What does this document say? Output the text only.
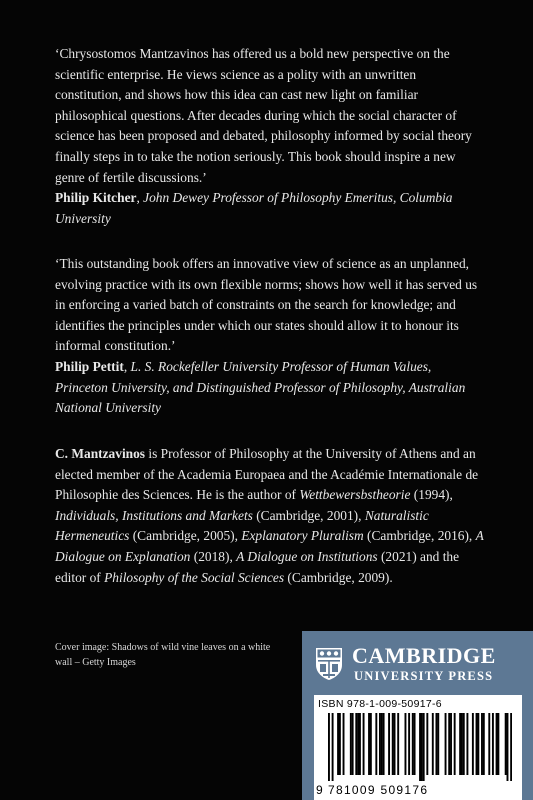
‘Chrysostomos Mantzavinos has offered us a bold new perspective on the scientific enterprise. He views science as a polity with an unwritten constitution, and shows how this idea can cast new light on familiar philosophical questions. After decades during which the social character of science has been proposed and debated, philosophy informed by social theory finally steps in to take the notion seriously. This book should inspire a new genre of fertile discussions.’

Philip Kitcher, John Dewey Professor of Philosophy Emeritus, Columbia University

‘This outstanding book offers an innovative view of science as an unplanned, evolving practice with its own flexible norms; shows how well it has served us in enforcing a varied batch of constraints on the search for knowledge; and identifies the principles under which our states should allow it to honour its informal constitution.’

Philip Pettit, L. S. Rockefeller University Professor of Human Values, Princeton University, and Distinguished Professor of Philosophy, Australian National University

C. Mantzavinos is Professor of Philosophy at the University of Athens and an elected member of the Academia Europaea and the Académie Internationale de Philosophie des Sciences. He is the author of Wettbewersbstheorie (1994), Individuals, Institutions and Markets (Cambridge, 2001), Naturalistic Hermeneutics (Cambridge, 2005), Explanatory Pluralism (Cambridge, 2016), A Dialogue on Explanation (2018), A Dialogue on Institutions (2021) and the editor of Philosophy of the Social Sciences (Cambridge, 2009).
Cover image: Shadows of wild vine leaves on a white wall – Getty Images	CAMBRIDGE
UNIVERSITY PRESS
ISBN 978-1-009-50917-6
9 781009 509176
